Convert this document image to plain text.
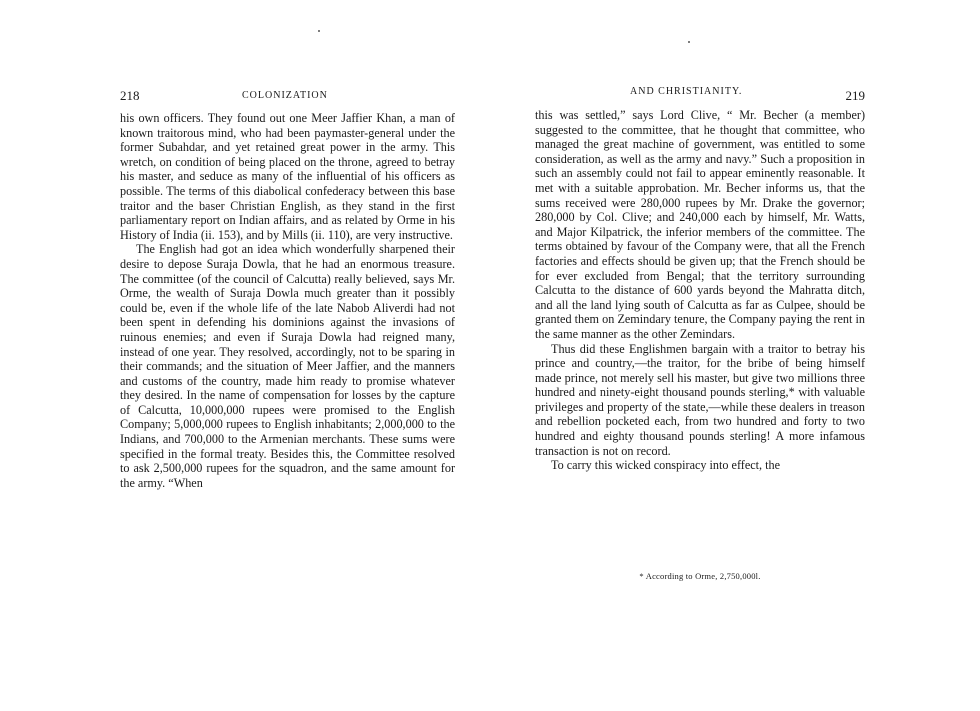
218	COLONIZATION

his own officers. They found out one Meer Jaffier Khan, a man of known traitorous mind, who had been paymaster-general under the former Subahdar, and yet retained great power in the army. This wretch, on condition of being placed on the throne, agreed to betray his master, and seduce as many of the influential of his officers as possible. The terms of this diabolical confederacy between this base traitor and the baser Christian English, as they stand in the first parliamentary report on Indian affairs, and as related by Orme in his History of India (ii. 153), and by Mills (ii. 110), are very instructive.

The English had got an idea which wonderfully sharpened their desire to depose Suraja Dowla, that he had an enormous treasure. The committee (of the council of Calcutta) really believed, says Mr. Orme, the wealth of Suraja Dowla much greater than it possibly could be, even if the whole life of the late Nabob Aliverdi had not been spent in defending his dominions against the invasions of ruinous enemies; and even if Suraja Dowla had reigned many, instead of one year. They resolved, accordingly, not to be sparing in their commands; and the situation of Meer Jaffier, and the manners and customs of the country, made him ready to promise whatever they desired. In the name of compensation for losses by the capture of Calcutta, 10,000,000 rupees were promised to the English Company; 5,000,000 rupees to English inhabitants; 2,000,000 to the Indians, and 700,000 to the Armenian merchants. These sums were specified in the formal treaty. Besides this, the Committee resolved to ask 2,500,000 rupees for the squadron, and the same amount for the army. “When

AND CHRISTIANITY.	219

this was settled,” says Lord Clive, “ Mr. Becher (a member) suggested to the committee, that he thought that committee, who managed the great machine of government, was entitled to some consideration, as well as the army and navy.” Such a proposition in such an assembly could not fail to appear eminently reasonable. It met with a suitable approbation. Mr. Becher informs us, that the sums received were 280,000 rupees by Mr. Drake the governor; 280,000 by Col. Clive; and 240,000 each by himself, Mr. Watts, and Major Kilpatrick, the inferior members of the committee. The terms obtained by favour of the Company were, that all the French factories and effects should be given up; that the French should be for ever excluded from Bengal; that the territory surrounding Calcutta to the distance of 600 yards beyond the Mahratta ditch, and all the land lying south of Calcutta as far as Culpee, should be granted them on Zemindary tenure, the Company paying the rent in the same manner as the other Zemindars.

Thus did these Englishmen bargain with a traitor to betray his prince and country,—the traitor, for the bribe of being himself made prince, not merely sell his master, but give two millions three hundred and ninety-eight thousand pounds sterling,* with valuable privileges and property of the state,—while these dealers in treason and rebellion pocketed each, from two hundred and forty to two hundred and eighty thousand pounds sterling! A more infamous transaction is not on record.

To carry this wicked conspiracy into effect, the

* According to Orme, 2,750,000l.
